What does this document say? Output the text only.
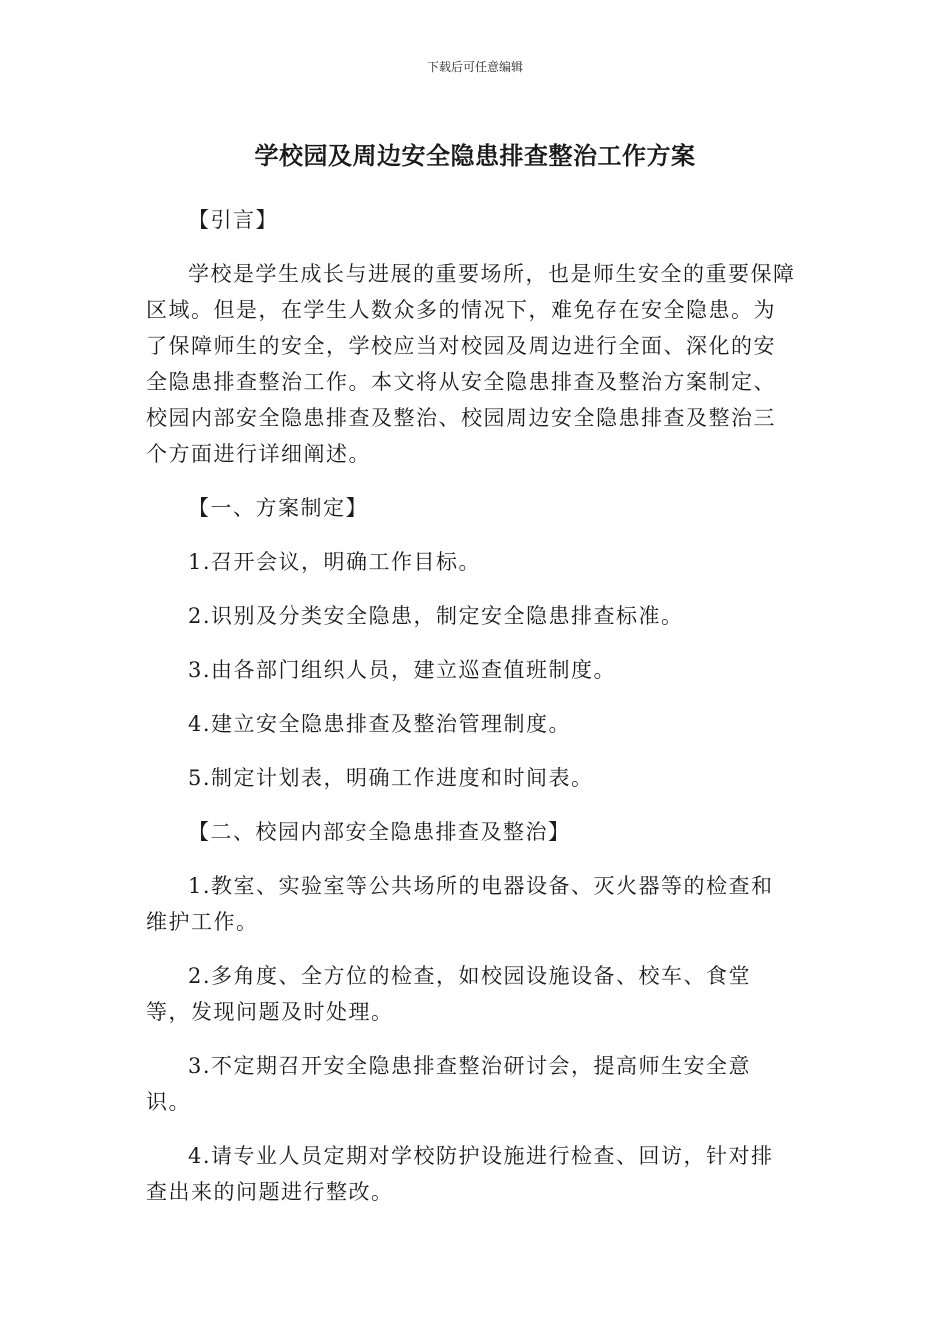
下载后可任意编辑
学校园及周边安全隐患排查整治工作方案

【引言】

学校是学生成长与进展的重要场所，也是师生安全的重要保障区域。但是，在学生人数众多的情况下，难免存在安全隐患。为了保障师生的安全，学校应当对校园及周边进行全面、深化的安全隐患排查整治工作。本文将从安全隐患排查及整治方案制定、校园内部安全隐患排查及整治、校园周边安全隐患排查及整治三个方面进行详细阐述。

【一、方案制定】

1.召开会议，明确工作目标。

2.识别及分类安全隐患，制定安全隐患排查标准。

3.由各部门组织人员，建立巡查值班制度。

4.建立安全隐患排查及整治管理制度。

5.制定计划表，明确工作进度和时间表。

【二、校园内部安全隐患排查及整治】

1.教室、实验室等公共场所的电器设备、灭火器等的检查和维护工作。

2.多角度、全方位的检查，如校园设施设备、校车、食堂等，发现问题及时处理。

3.不定期召开安全隐患排查整治研讨会，提高师生安全意识。

4.请专业人员定期对学校防护设施进行检查、回访，针对排查出来的问题进行整改。
